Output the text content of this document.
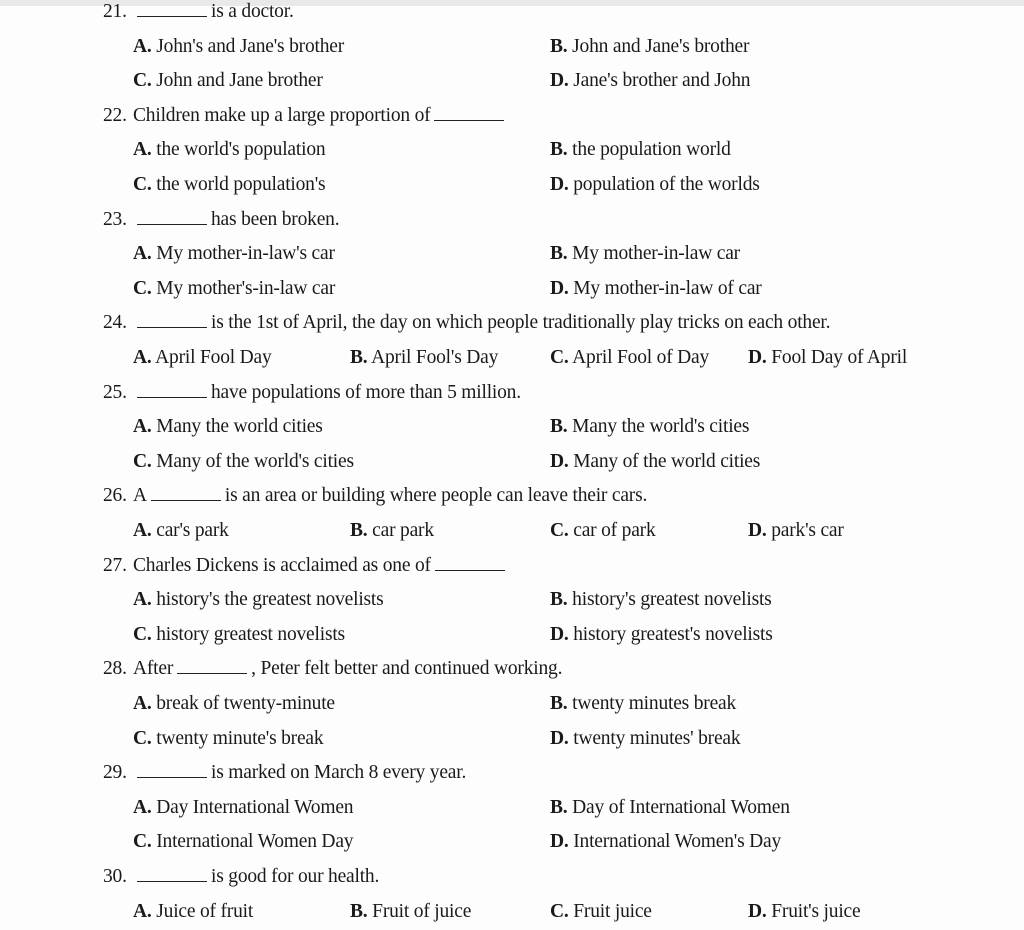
21.	is a doctor.
A. John's and Jane's brother	B. John and Jane's brother
C. John and Jane brother	D. Jane's brother and John
22. Children make up a large proportion of
A. the world's population	B. the population world
C. the world population's	D. population of the worlds
23.	has been broken.
A. My mother-in-law's car	B. My mother-in-law car
C. My mother's-in-law car	D. My mother-in-law of car
24.	is the 1st of April, the day on which people traditionally play tricks on each other.
A. April Fool Day	B. April Fool's Day	C. April Fool of Day D. Fool Day of April
25.	have populations of more than 5 million.
A. Many the world cities	B. Many the world's cities
C. Many of the world's cities	D. Many of the world cities
26. A	is an area or building where people can leave their cars.
A. car's park	B. car park	C. car of park	D. park's car
27. Charles Dickens is acclaimed as one of
A. history's the greatest novelists	B. history's greatest novelists
C. history greatest novelists	D. history greatest's novelists
28. After	, Peter felt better and continued working.
A. break of twenty-minute	B. twenty minutes break
C. twenty minute's break	D. twenty minutes' break
29.	is marked on March 8 every year.
A. Day International Women	B. Day of International Women
C. International Women Day	D. International Women's Day
30.	is good for our health.
A. Juice of fruit	B. Fruit of juice	C. Fruit juice	D. Fruit's juice
